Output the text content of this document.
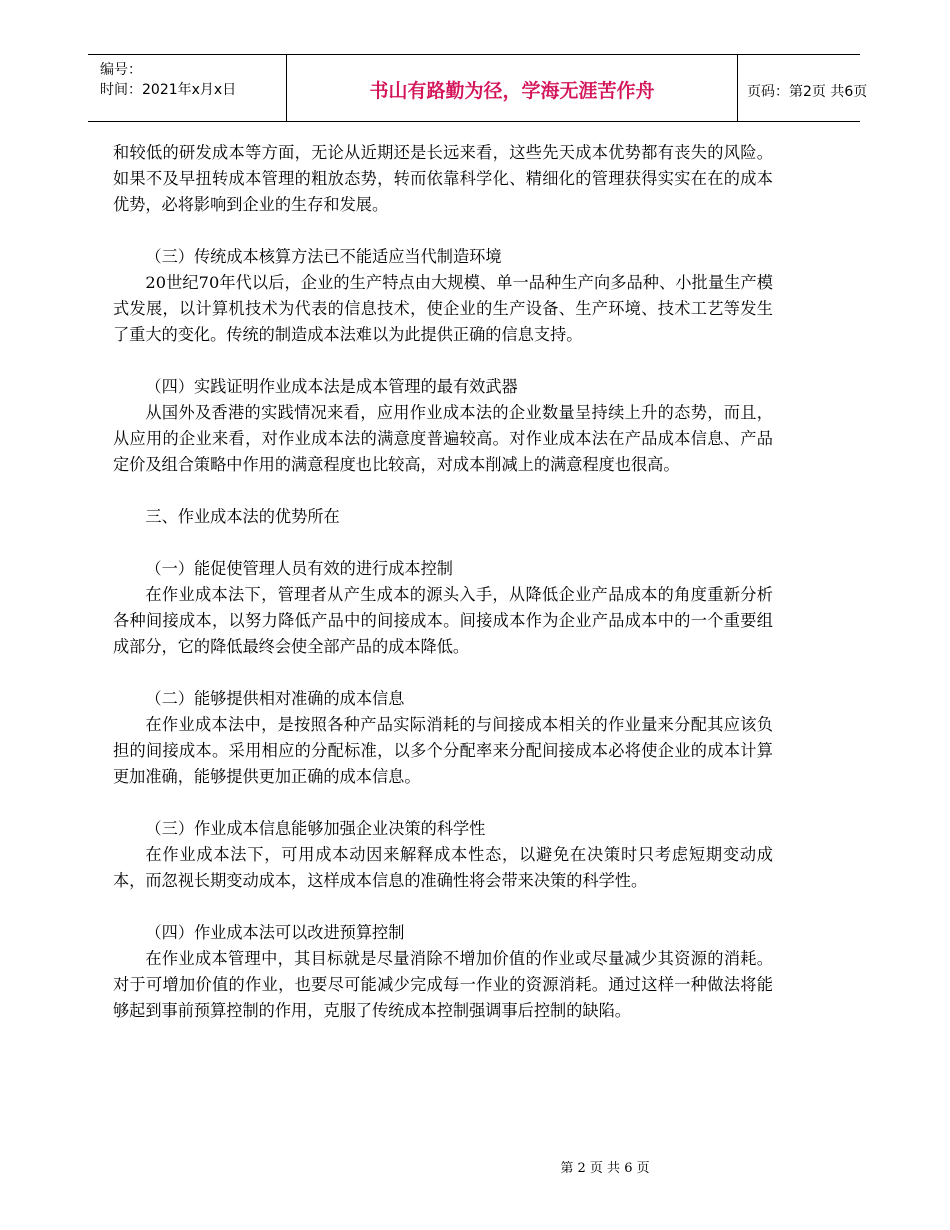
编号：
时间：2021年x月x日	书山有路勤为径，学海无涯苦作舟	页码：第2页 共6页

和较低的研发成本等方面，无论从近期还是长远来看，这些先天成本优势都有丧失的风险。如果不及早扭转成本管理的粗放态势，转而依靠科学化、精细化的管理获得实实在在的成本优势，必将影响到企业的生存和发展。

（三）传统成本核算方法已不能适应当代制造环境

20世纪70年代以后，企业的生产特点由大规模、单一品种生产向多品种、小批量生产模式发展，以计算机技术为代表的信息技术，使企业的生产设备、生产环境、技术工艺等发生了重大的变化。传统的制造成本法难以为此提供正确的信息支持。

（四）实践证明作业成本法是成本管理的最有效武器

从国外及香港的实践情况来看，应用作业成本法的企业数量呈持续上升的态势，而且，从应用的企业来看，对作业成本法的满意度普遍较高。对作业成本法在产品成本信息、产品定价及组合策略中作用的满意程度也比较高，对成本削减上的满意程度也很高。

三、作业成本法的优势所在
（一）能促使管理人员有效的进行成本控制

在作业成本法下，管理者从产生成本的源头入手，从降低企业产品成本的角度重新分析各种间接成本，以努力降低产品中的间接成本。间接成本作为企业产品成本中的一个重要组成部分，它的降低最终会使全部产品的成本降低。

（二）能够提供相对准确的成本信息

在作业成本法中，是按照各种产品实际消耗的与间接成本相关的作业量来分配其应该负担的间接成本。采用相应的分配标准，以多个分配率来分配间接成本必将使企业的成本计算更加准确，能够提供更加正确的成本信息。

（三）作业成本信息能够加强企业决策的科学性

在作业成本法下，可用成本动因来解释成本性态，以避免在决策时只考虑短期变动成本，而忽视长期变动成本，这样成本信息的准确性将会带来决策的科学性。

（四）作业成本法可以改进预算控制

在作业成本管理中，其目标就是尽量消除不增加价值的作业或尽量减少其资源的消耗。对于可增加价值的作业，也要尽可能减少完成每一作业的资源消耗。通过这样一种做法将能够起到事前预算控制的作用，克服了传统成本控制强调事后控制的缺陷。

第 2 页 共 6 页
